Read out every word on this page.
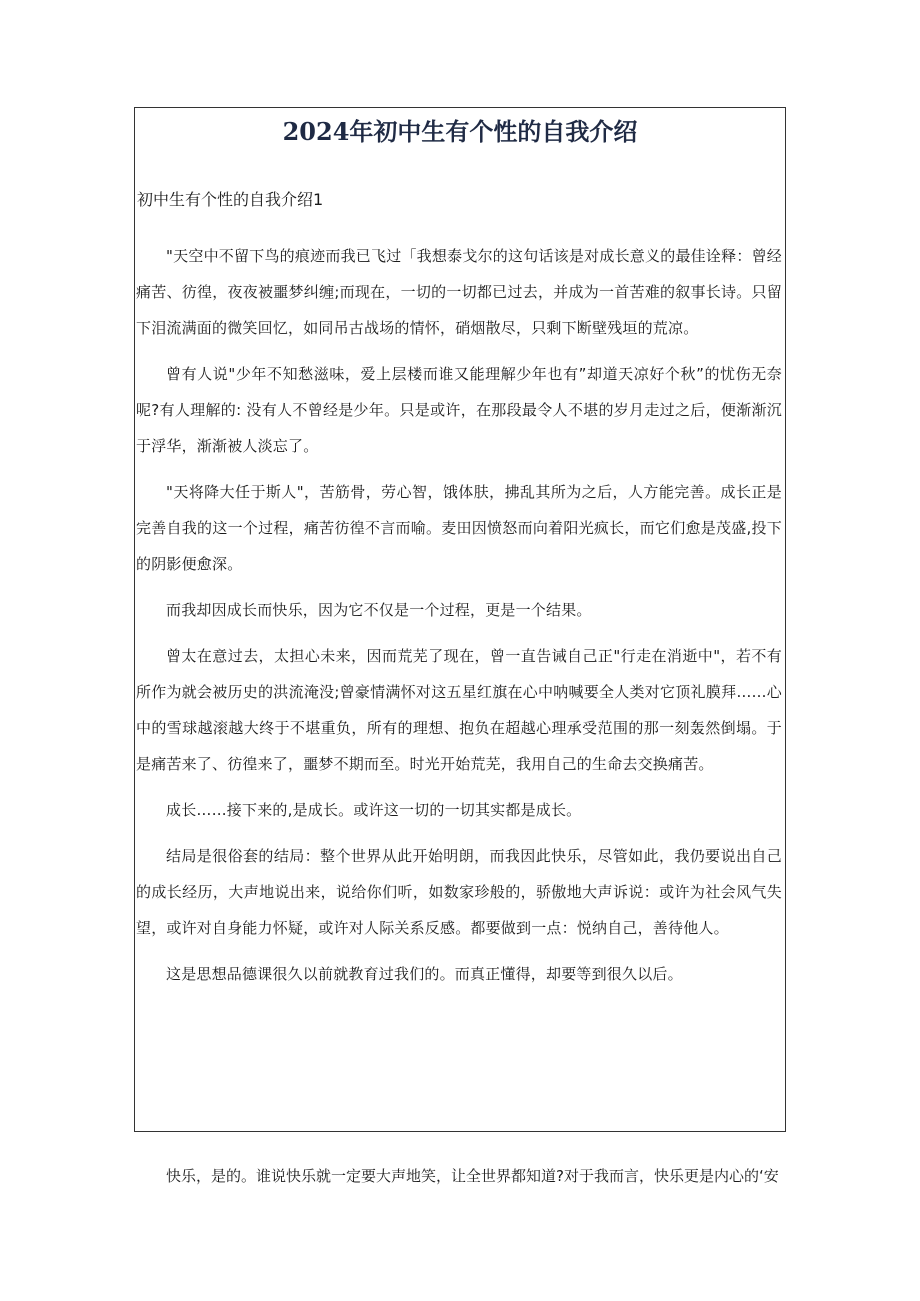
2024年初中生有个性的自我介绍
初中生有个性的自我介绍1

"天空中不留下鸟的痕迹而我已飞过「我想泰戈尔的这句话该是对成长意义的最佳诠释：曾经痛苦、彷徨，夜夜被噩梦纠缠;而现在，一切的一切都已过去，并成为一首苦难的叙事长诗。只留下泪流满面的微笑回忆，如同吊古战场的情怀，硝烟散尽，只剩下断壁残垣的荒凉。

曾有人说"少年不知愁滋味，爱上层楼而谁又能理解少年也有”却道天凉好个秋”的忧伤无奈呢?有人理解的: 没有人不曾经是少年。只是或许，在那段最令人不堪的岁月走过之后，便渐渐沉于浮华，渐渐被人淡忘了。

"天将降大任于斯人"，苦筋骨，劳心智，饿体肤，拂乱其所为之后，人方能完善。成长正是完善自我的这一个过程，痛苦彷徨不言而喻。麦田因愤怒而向着阳光疯长，而它们愈是茂盛,投下的阴影便愈深。

而我却因成长而快乐，因为它不仅是一个过程，更是一个结果。

曾太在意过去，太担心未来，因而荒芜了现在，曾一直告诫自己正"行走在消逝中"，若不有所作为就会被历史的洪流淹没;曾豪情满怀对这五星红旗在心中呐喊要全人类对它顶礼膜拜……心中的雪球越滚越大终于不堪重负，所有的理想、抱负在超越心理承受范围的那一刻轰然倒塌。于是痛苦来了、彷徨来了，噩梦不期而至。时光开始荒芜，我用自己的生命去交换痛苦。

成长……接下来的,是成长。或许这一切的一切其实都是成长。

结局是很俗套的结局：整个世界从此开始明朗，而我因此快乐，尽管如此，我仍要说出自己的成长经历，大声地说出来，说给你们听，如数家珍般的，骄傲地大声诉说：或许为社会风气失望，或许对自身能力怀疑，或许对人际关系反感。都要做到一点：悦纳自己，善待他人。

这是思想品德课很久以前就教育过我们的。而真正懂得，却要等到很久以后。

快乐，是的。谁说快乐就一定要大声地笑，让全世界都知道?对于我而言，快乐更是内心的‘安
